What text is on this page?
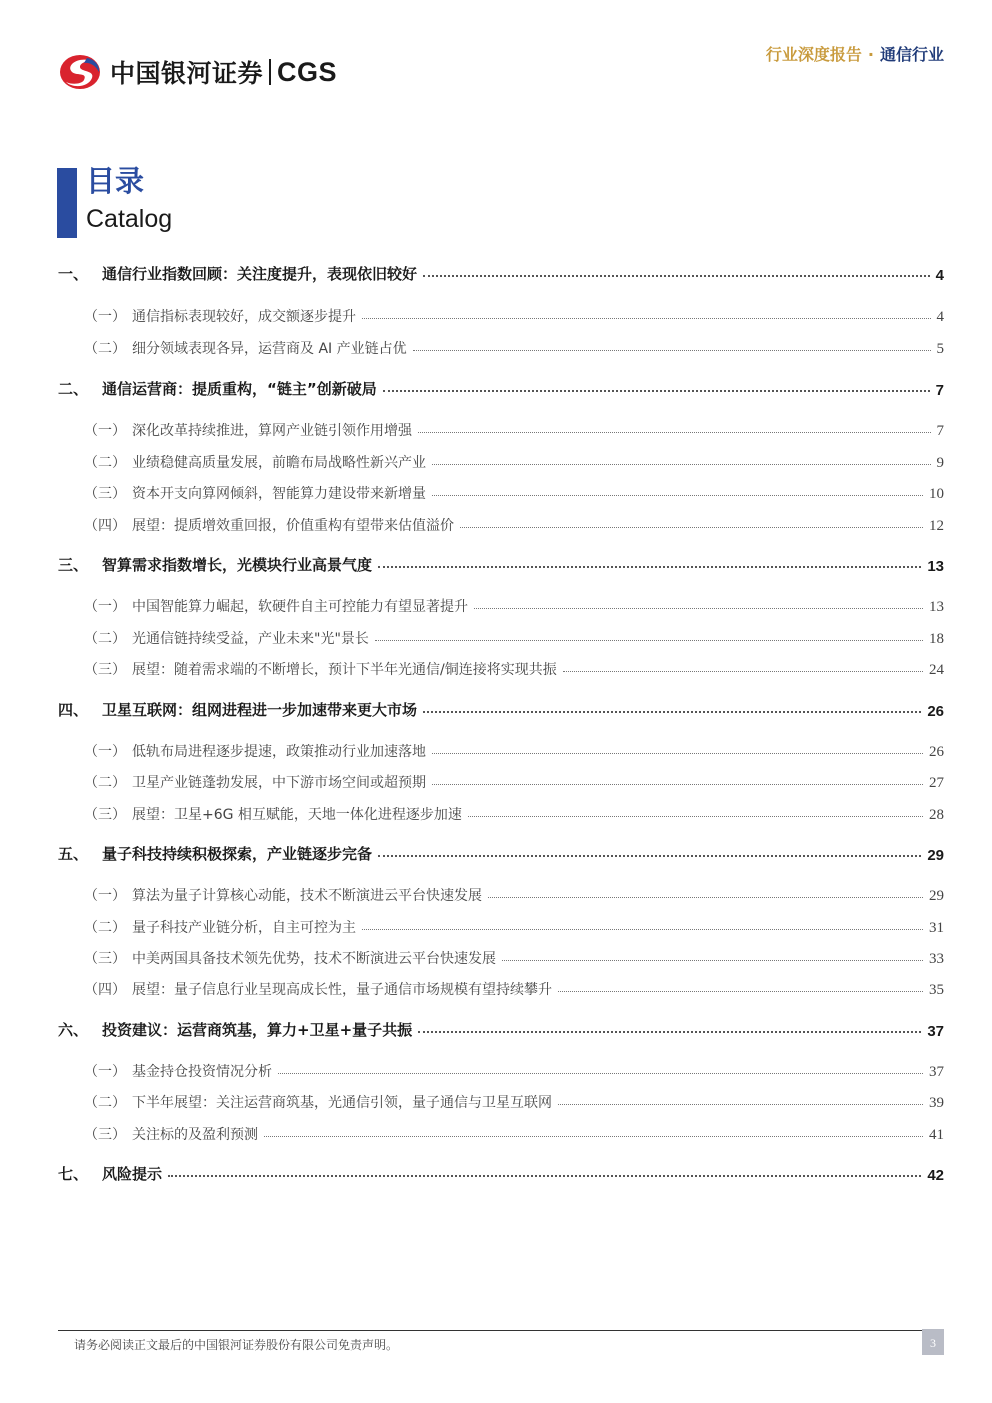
中国银河证券 CGS
行业深度报告 · 通信行业
目录
Catalog
一、 通信行业指数回顾：关注度提升，表现依旧较好	4
（一） 通信指标表现较好，成交额逐步提升	4
（二） 细分领域表现各异，运营商及 AI 产业链占优	5
二、 通信运营商：提质重构，“链主”创新破局	7
（一） 深化改革持续推进，算网产业链引领作用增强	7
（二） 业绩稳健高质量发展，前瞻布局战略性新兴产业	9
（三） 资本开支向算网倾斜，智能算力建设带来新增量	10
（四） 展望：提质增效重回报，价值重构有望带来估值溢价	12
三、 智算需求指数增长，光模块行业高景气度	13
（一） 中国智能算力崛起，软硬件自主可控能力有望显著提升	13
（二） 光通信链持续受益，产业未来"光"景长	18
（三） 展望：随着需求端的不断增长，预计下半年光通信/铜连接将实现共振	24
四、 卫星互联网：组网进程进一步加速带来更大市场	26
（一） 低轨布局进程逐步提速，政策推动行业加速落地	26
（二） 卫星产业链蓬勃发展，中下游市场空间或超预期	27
（三） 展望：卫星+6G 相互赋能，天地一体化进程逐步加速	28
五、 量子科技持续积极探索，产业链逐步完备	29
（一） 算法为量子计算核心动能，技术不断演进云平台快速发展	29
（二） 量子科技产业链分析，自主可控为主	31
（三） 中美两国具备技术领先优势，技术不断演进云平台快速发展	33
（四） 展望：量子信息行业呈现高成长性，量子通信市场规模有望持续攀升	35
六、 投资建议：运营商筑基，算力+卫星+量子共振	37
（一） 基金持仓投资情况分析	37
（二） 下半年展望：关注运营商筑基，光通信引领，量子通信与卫星互联网	39
（三） 关注标的及盈利预测	41
七、 风险提示	42
请务必阅读正文最后的中国银河证券股份有限公司免责声明。	3
